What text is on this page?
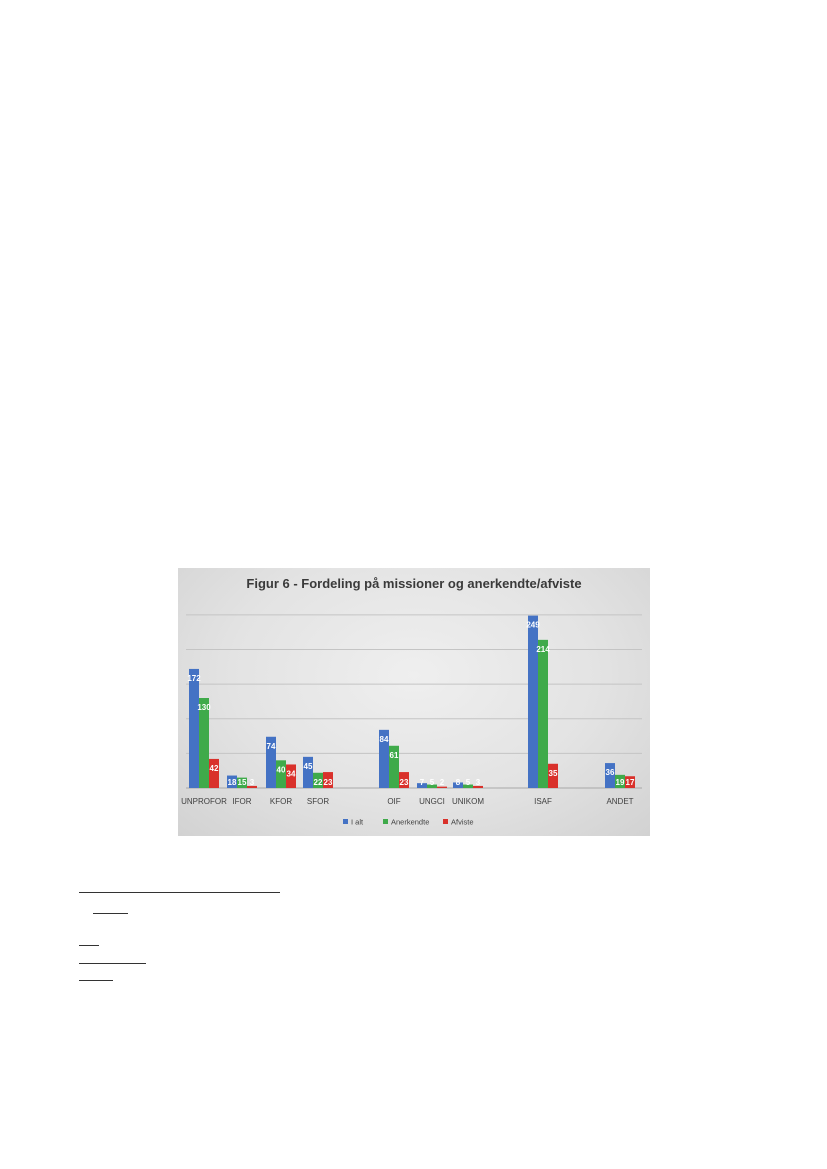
Figur 6 - Fordeling på missioner og anerkendte/afviste
172
130
42
18 15 3
74
40 34
45
22 23
84
61
23 7 5 2 8 5 3
249
214
35	36
19 17
UNPROFOR IFOR KFOR SFOR	OIF UNGCI UNIKOM	ISAF	ANDET
I alt	Anerkendte	Afviste
